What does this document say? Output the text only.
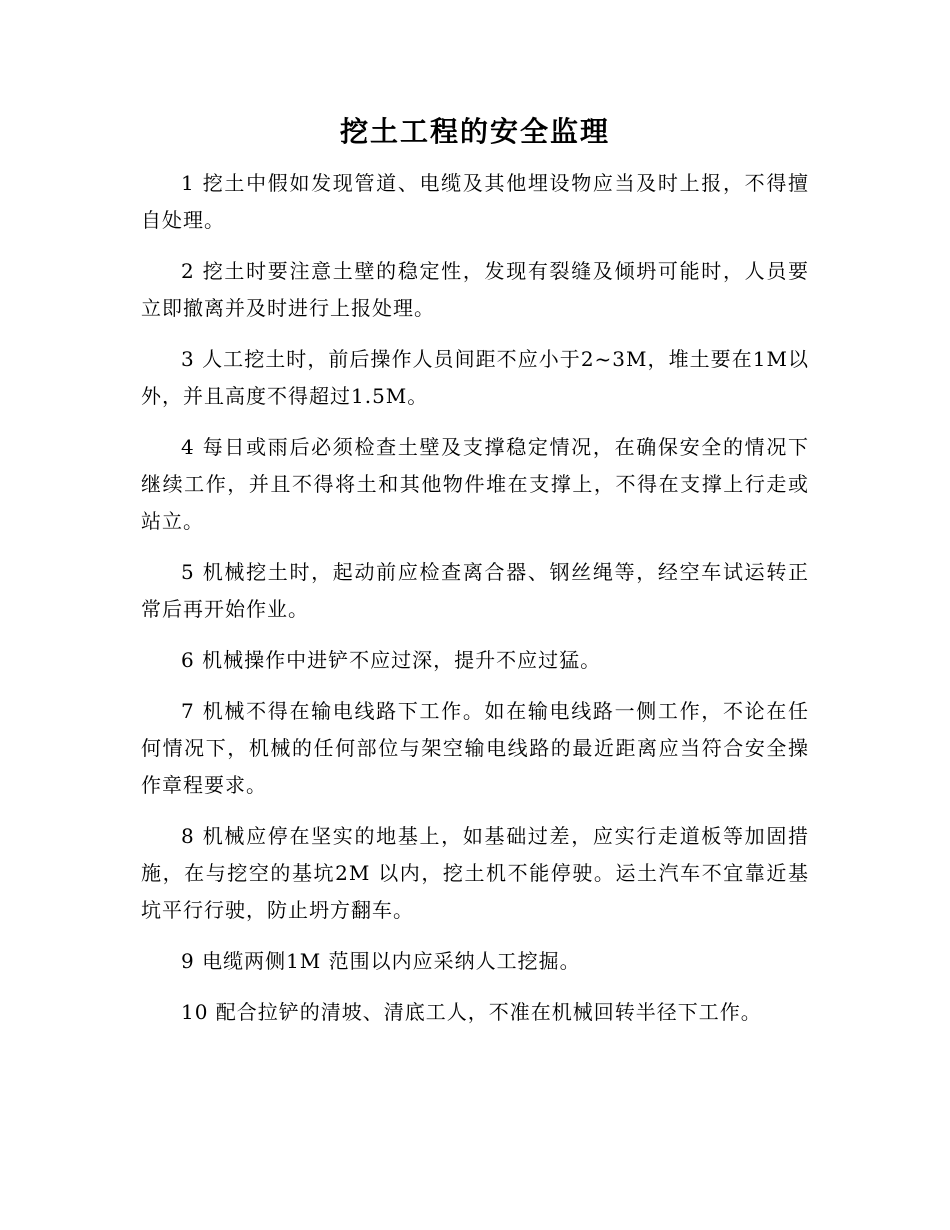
挖土工程的安全监理

1 挖土中假如发现管道、电缆及其他埋设物应当及时上报，不得擅自处理。

2 挖土时要注意土壁的稳定性，发现有裂缝及倾坍可能时，人员要立即撤离并及时进行上报处理。

3 人工挖土时，前后操作人员间距不应小于2~3M，堆土要在1M以外，并且高度不得超过1.5M。

4 每日或雨后必须检查土壁及支撑稳定情况，在确保安全的情况下继续工作，并且不得将土和其他物件堆在支撑上，不得在支撑上行走或站立。

5 机械挖土时，起动前应检查离合器、钢丝绳等，经空车试运转正常后再开始作业。

6 机械操作中进铲不应过深，提升不应过猛。

7 机械不得在输电线路下工作。如在输电线路一侧工作，不论在任何情况下，机械的任何部位与架空输电线路的最近距离应当符合安全操作章程要求。

8 机械应停在坚实的地基上，如基础过差，应实行走道板等加固措施，在与挖空的基坑2M 以内，挖土机不能停驶。运土汽车不宜靠近基坑平行行驶，防止坍方翻车。

9 电缆两侧1M 范围以内应采纳人工挖掘。

10 配合拉铲的清坡、清底工人，不准在机械回转半径下工作。
